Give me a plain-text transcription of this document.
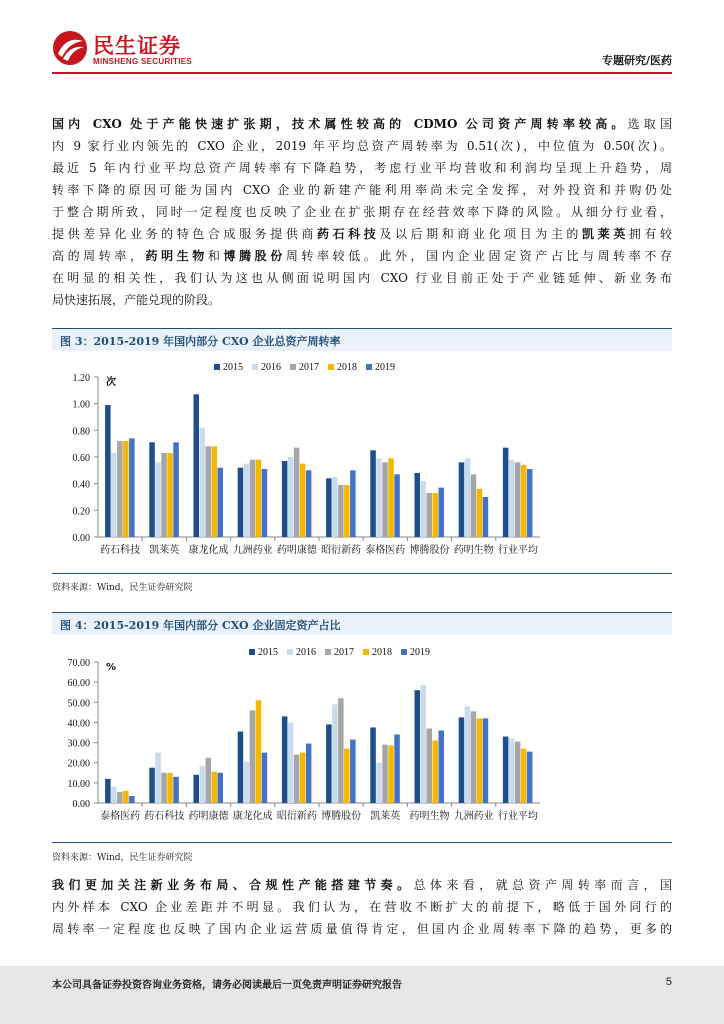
民生证券
MINSHENG SECURITIES	专题研究/医药
国内 CXO 处于产能快速扩张期，技术属性较高的 CDMO 公司资产周转率较高。选取国
内 9 家行业内领先的 CXO 企业，2019 年平均总资产周转率为 0.51(次)，中位值为 0.50(次)。
最近 5 年内行业平均总资产周转率有下降趋势，考虑行业平均营收和利润均呈现上升趋势，周
转率下降的原因可能为国内 CXO 企业的新建产能利用率尚未完全发挥，对外投资和并购仍处
于整合期所致，同时一定程度也反映了企业在扩张期存在经营效率下降的风险。从细分行业看，
提供差异化业务的特色合成服务提供商药石科技及以后期和商业化项目为主的凯莱英拥有较
高的周转率，药明生物和博腾股份周转率较低。此外，国内企业固定资产占比与周转率不存
在明显的相关性，我们认为这也从侧面说明国内 CXO 行业目前正处于产业链延伸、新业务布
局快速拓展，产能兑现的阶段。
图 3：2015-2019 年国内部分 CXO 企业总资产周转率
0.00
0.20
0.40
0.60
0.80
1.00
1.20 次
药石科技 凯莱英 康龙化成 九洲药业 药明康德 昭衍新药 泰格医药 博腾股份 药明生物 行业平均
2015 2016 2017 2018 2019
资料来源：Wind，民生证券研究院
图 4：2015-2019 年国内部分 CXO 企业固定资产占比
0.00
10.00
20.00
30.00
40.00
50.00
60.00
70.00 %
泰格医药 药石科技 药明康德 康龙化成 昭衍新药 博腾股份 凯莱英 药明生物 九洲药业 行业平均
2015 2016 2017 2018 2019
资料来源：Wind，民生证券研究院
我们更加关注新业务布局、合规性产能搭建节奏。总体来看，就总资产周转率而言，国
内外样本 CXO 企业差距并不明显。我们认为，在营收不断扩大的前提下，略低于国外同行的
周转率一定程度也反映了国内企业运营质量值得肯定，但国内企业周转率下降的趋势，更多的
本公司具备证券投资咨询业务资格，请务必阅读最后一页免责声明证券研究报告	5
